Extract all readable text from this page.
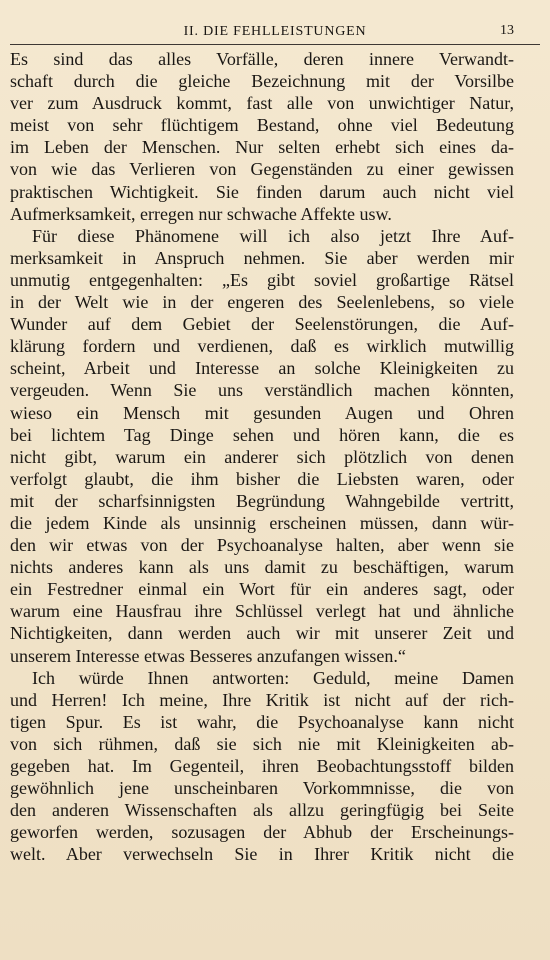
II. DIE FEHLLEISTUNGEN	13
Es sind das alles Vorfälle, deren innere Verwandt-
schaft durch die gleiche Bezeichnung mit der Vorsilbe
ver zum Ausdruck kommt, fast alle von unwichtiger Natur,
meist von sehr flüchtigem Bestand, ohne viel Bedeutung
im Leben der Menschen. Nur selten erhebt sich eines da-
von wie das Verlieren von Gegenständen zu einer gewissen
praktischen Wichtigkeit. Sie finden darum auch nicht viel
Aufmerksamkeit, erregen nur schwache Affekte usw.
Für diese Phänomene will ich also jetzt Ihre Auf-
merksamkeit in Anspruch nehmen. Sie aber werden mir
unmutig entgegenhalten: „Es gibt soviel großartige Rätsel
in der Welt wie in der engeren des Seelenlebens, so viele
Wunder auf dem Gebiet der Seelenstörungen, die Auf-
klärung fordern und verdienen, daß es wirklich mutwillig
scheint, Arbeit und Interesse an solche Kleinigkeiten zu
vergeuden. Wenn Sie uns verständlich machen könnten,
wieso ein Mensch mit gesunden Augen und Ohren
bei lichtem Tag Dinge sehen und hören kann, die es
nicht gibt, warum ein anderer sich plötzlich von denen
verfolgt glaubt, die ihm bisher die Liebsten waren, oder
mit der scharfsinnigsten Begründung Wahngebilde vertritt,
die jedem Kinde als unsinnig erscheinen müssen, dann wür-
den wir etwas von der Psychoanalyse halten, aber wenn sie
nichts anderes kann als uns damit zu beschäftigen, warum
ein Festredner einmal ein Wort für ein anderes sagt, oder
warum eine Hausfrau ihre Schlüssel verlegt hat und ähnliche
Nichtigkeiten, dann werden auch wir mit unserer Zeit und
unserem Interesse etwas Besseres anzufangen wissen.“
Ich würde Ihnen antworten: Geduld, meine Damen
und Herren! Ich meine, Ihre Kritik ist nicht auf der rich-
tigen Spur. Es ist wahr, die Psychoanalyse kann nicht
von sich rühmen, daß sie sich nie mit Kleinigkeiten ab-
gegeben hat. Im Gegenteil, ihren Beobachtungsstoff bilden
gewöhnlich jene unscheinbaren Vorkommnisse, die von
den anderen Wissenschaften als allzu geringfügig bei Seite
geworfen werden, sozusagen der Abhub der Erscheinungs-
welt. Aber verwechseln Sie in Ihrer Kritik nicht die
